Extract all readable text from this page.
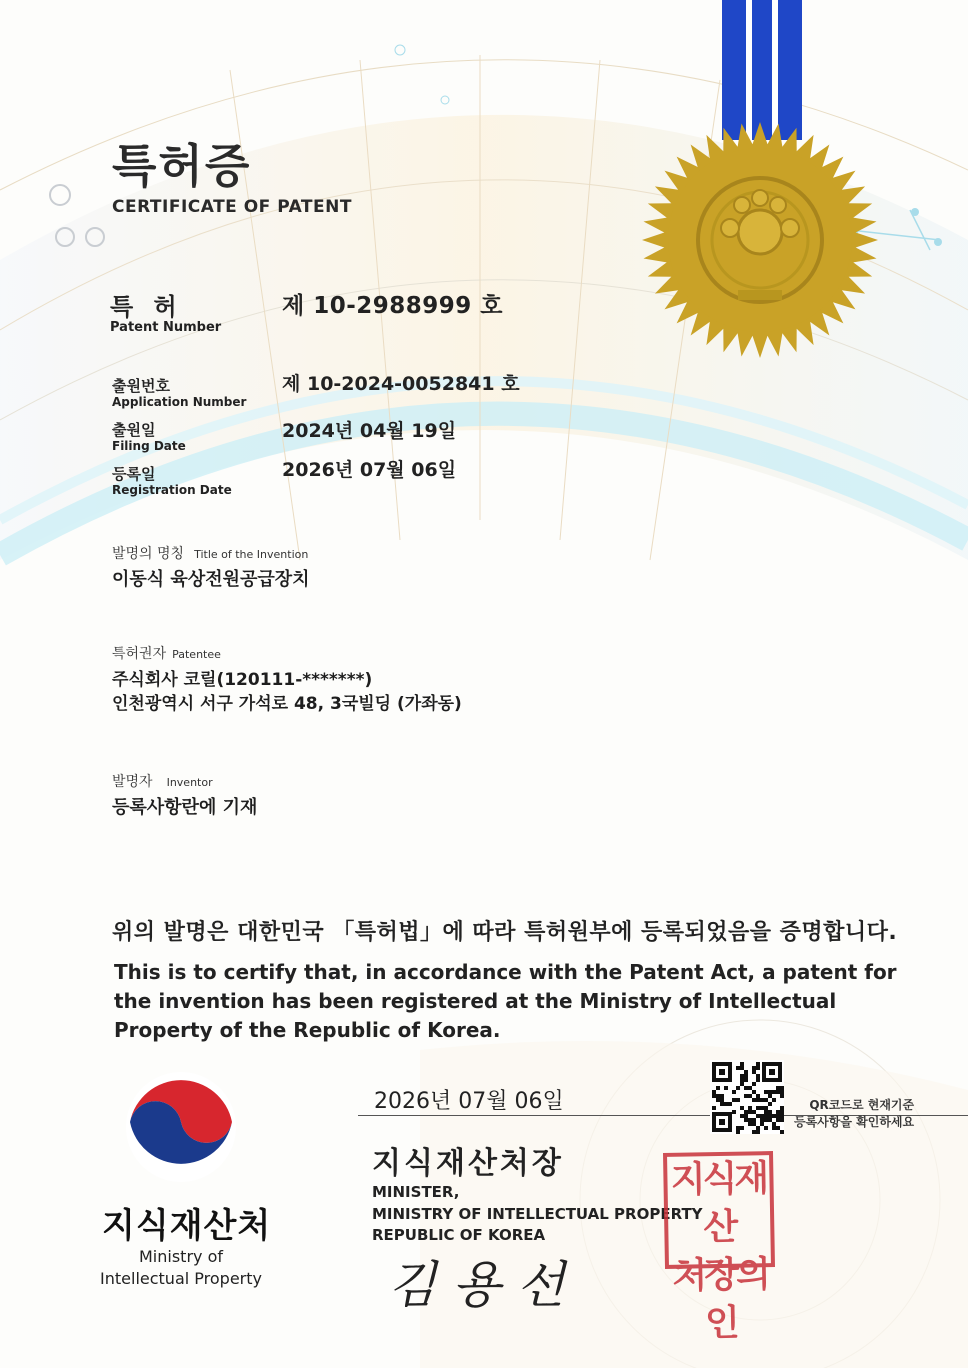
특허증
CERTIFICATE OF PATENT
특 허
Patent Number
제 10-2988999 호
출원번호
Application Number
제 10-2024-0052841 호
출원일
Filing Date
2024년 04월 19일
등록일
Registration Date
2026년 07월 06일
발명의 명칭 Title of the Invention
이동식 육상전원공급장치
특허권자 Patentee
주식회사 코릴(120111-*******)
인천광역시 서구 가석로 48, 3국빌딩 (가좌동)
발명자 Inventor
등록사항란에 기재
위의 발명은 대한민국 「특허법」에 따라 특허원부에 등록되었음을 증명합니다.
This is to certify that, in accordance with the Patent Act, a patent for the invention has been registered at the Ministry of Intellectual Property of the Republic of Korea.
2026년 07월 06일
지식재산처장
MINISTER,
MINISTRY OF INTELLECTUAL PROPERTY
REPUBLIC OF KOREA
김 용 선
QR코드로 현재기준
등록사항을 확인하세요
지식재산
처장의인
지식재산처
Ministry of Intellectual Property
